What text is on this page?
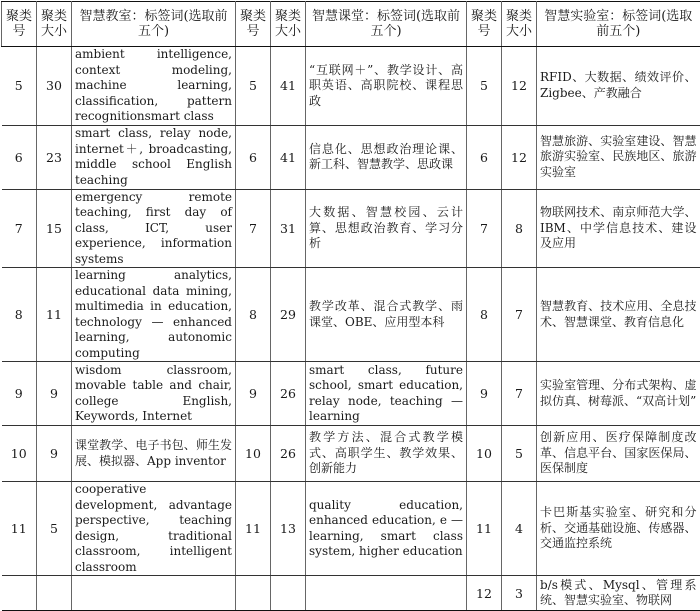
聚类号	聚类大小	智慧教室：标签词(选取前五个)	聚类号	聚类大小	智慧课堂：标签词(选取前五个)	聚类号	聚类大小	智慧实验室：标签词(选取前五个)
5	30	ambient intelligence, context modeling, machine learning, classification, pattern recognitionsmart class	5	41	“互联网＋”、教学设计、高职英语、高职院校、课程思政	5	12	RFID、大数据、绩效评价、Zigbee、产教融合
6	23	smart class, relay node, internet＋, broadcasting, middle school English teaching	6	41	信息化、思想政治理论课、新工科、智慧教学、思政课	6	12	智慧旅游、实验室建设、智慧旅游实验室、民族地区、旅游实验室
7	15	emergency remote teaching, first day of class, ICT, user experience, information systems	7	31	大数据、智慧校园、云计算、思想政治教育、学习分析	7	8	物联网技术、南京师范大学、IBM、中学信息技术、建设及应用
8	11	learning analytics, educational data mining, multimedia in education, technology — enhanced learning, autonomic computing	8	29	教学改革、混合式教学、雨课堂、OBE、应用型本科	8	7	智慧教育、技术应用、全息技术、智慧课堂、教育信息化
9	9	wisdom classroom, movable table and chair, college English, Keywords, Internet	9	26	smart class, future school, smart education, relay node, teaching — learning	9	7	实验室管理、分布式架构、虚拟仿真、树莓派、“双高计划”
10	9	课堂教学、电子书包、师生发展、模拟器、App inventor	10	26	教学方法、混合式教学模式、高职学生、教学效果、创新能力	10	5	创新应用、医疗保障制度改革、信息平台、国家医保局、医保制度
11	5	cooperative development, advantage perspective, teaching design, traditional classroom, intelligent classroom	11	13	quality education, enhanced education, e — learning, smart class system, higher education	11	4	卡巴斯基实验室、研究和分析、交通基础设施、传感器、交通监控系统
						12	3	b/s模式、Mysql、管理系统、智慧实验室、物联网
